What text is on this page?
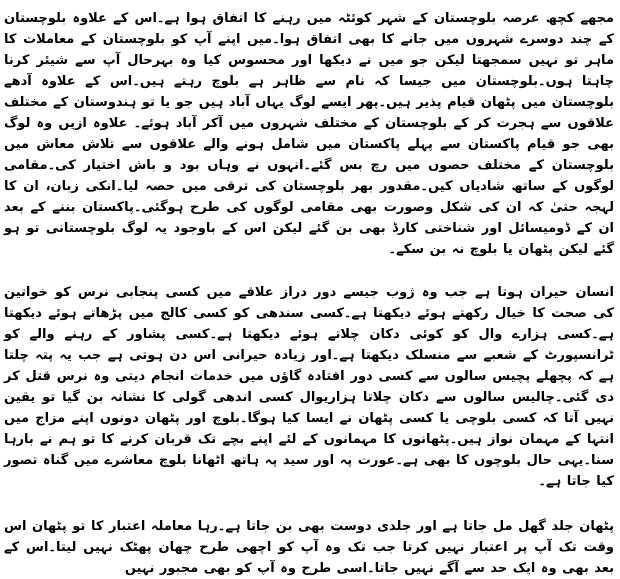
مجھے کچھ عرصہ بلوچستان کے شہر کوئٹہ میں رہنے کا اتفاق ہوا ہے۔اس کے علاوہ بلوچستان کے چند دوسرے شہروں میں جانے کا بھی اتفاق ہوا۔میں اپنے آپ کو بلوچستان کے معاملات کا ماہر تو نہیں سمجھتا لیکن جو میں نے دیکھا اور محسوس کیا وہ بہرحال آپ سے شیئر کرنا چاہتا ہوں۔بلوچستان میں جیسا کہ نام سے ظاہر ہے بلوچ رہتے ہیں۔اس کے علاوہ آدھے بلوچستان میں پٹھان قیام پذیر ہیں۔پھر ایسے لوگ یہاں آباد ہیں جو یا تو ہندوستان کے مختلف علاقوں سے ہجرت کر کے بلوچستان کے مختلف شہروں میں آکر آباد ہوئے۔ علاوہ ازیں وہ لوگ بھی جو قیام پاکستان سے پہلے پاکستان میں شامل ہونے والے علاقوں سے تلاش معاش میں بلوچستان کے مختلف حصوں میں رچ بس گئے۔انہوں نے وہاں بود و باش اختیار کی۔مقامی لوگوں کے ساتھ شادیاں کیں۔مقدور بھر بلوچستان کی ترقی میں حصہ لیا۔انکی زبان، ان کا لہجہ حتیٰ کہ ان کی شکل وصورت بھی مقامی لوگوں کی طرح ہوگئی۔پاکستان بننے کے بعد ان کے ڈومیسائل اور شناختی کارڈ بھی بن گئے لیکن اس کے باوجود یہ لوگ بلوچستانی تو ہو گئے لیکن پٹھان یا بلوچ نہ بن سکے۔

انسان حیران ہوتا ہے جب وہ ژوب جیسے دور دراز علاقے میں کسی پنجابی نرس کو خواتین کی صحت کا خیال رکھتے ہوئے دیکھتا ہے۔کسی سندھی کو کسی کالج میں پڑھاتے ہوئے دیکھتا ہے۔کسی ہزارے وال کو کوئی دکان چلاتے ہوئے دیکھتا ہے۔کسی پشاور کے رہنے والے کو ٹرانسپورٹ کے شعبے سے منسلک دیکھتا ہے۔اور زیادہ حیرانی اس دن ہوتی ہے جب یہ پتہ چلتا ہے کہ پچھلے پچیس سالوں سے کسی دور افتادہ گاؤں میں خدمات انجام دیتی وہ نرس قتل کر دی گئی۔چالیس سالوں سے دکان چلاتا ہزاریوال کسی اندھی گولی کا نشانہ بن گیا تو یقین نہیں آتا کہ کسی بلوچی یا کسی پٹھان نے ایسا کیا ہوگا۔بلوچ اور پٹھان دونوں اپنے مزاج میں انتہا کے مہمان نواز ہیں۔پٹھانوں کا مہمانوں کے لئے اپنے بچے تک قربان کرنے کا تو ہم نے بارہا سنا۔یہی حال بلوچوں کا بھی ہے۔عورت پہ اور سید پہ ہاتھ اٹھانا بلوچ معاشرے میں گناہ تصور کیا جاتا ہے۔

پٹھان جلد گھل مل جاتا ہے اور جلدی دوست بھی بن جاتا ہے۔رہا معاملہ اعتبار کا تو پٹھان اس وقت تک آپ پر اعتبار نہیں کرتا جب تک وہ آپ کو اچھی طرح چھان پھٹک نہیں لیتا۔اس کے بعد بھی وہ ایک حد سے آگے نہیں جاتا۔اسی طرح وہ آپ کو بھی مجبور نہیں
